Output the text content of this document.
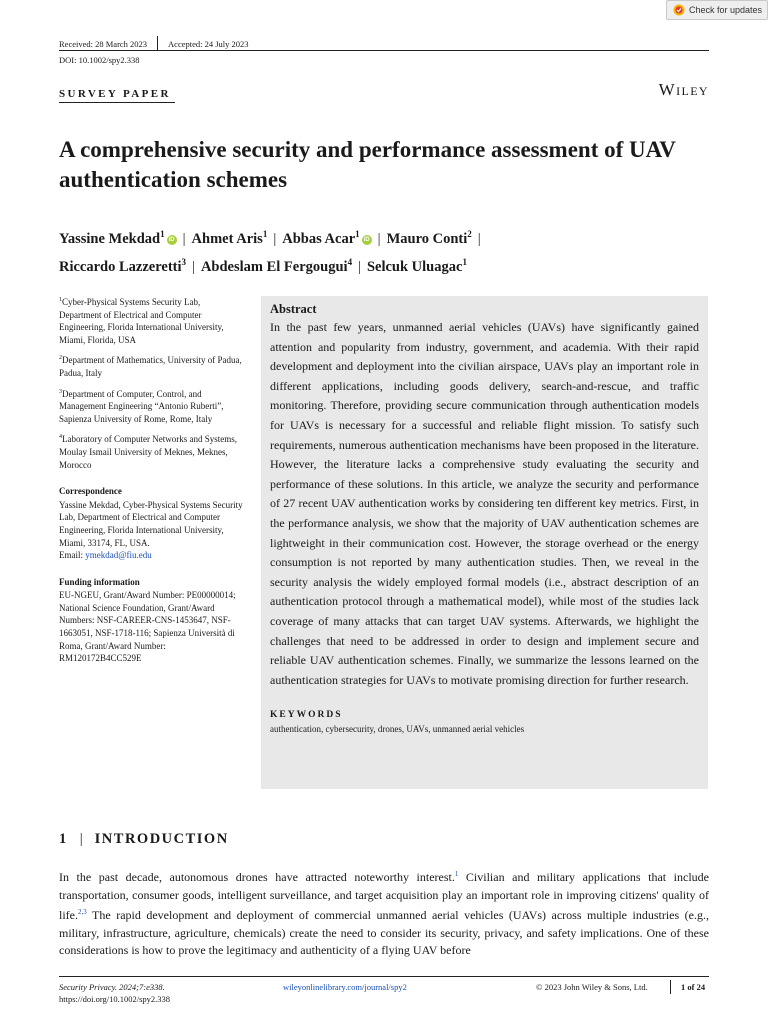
Check for updates
Received: 28 March 2023 Accepted: 24 July 2023
DOI: 10.1002/spy2.338
SURVEY PAPER	Wiley
A comprehensive security and performance assessment of UAV authentication schemes
Yassine Mekdad$^1$iD | Ahmet Aris$^1$ | Abbas Acar$^1$iD | Mauro Conti$^2$ |
Riccardo Lazzeretti$^3$ | Abdeslam El Fergougui$^4$ | Selcuk Uluagac$^1$

$^1$Cyber-Physical Systems Security Lab, Department of Electrical and Computer Engineering, Florida International University, Miami, Florida, USA

$^2$Department of Mathematics, University of Padua, Padua, Italy

$^3$Department of Computer, Control, and Management Engineering “Antonio Ruberti”, Sapienza University of Rome, Rome, Italy

$^4$Laboratory of Computer Networks and Systems, Moulay Ismail University of Meknes, Meknes, Morocco

Correspondence

Yassine Mekdad, Cyber-Physical Systems Security Lab, Department of Electrical and Computer Engineering, Florida International University, Miami, 33174, FL, USA.
Email: ymekdad@fiu.edu

Funding information

EU-NGEU, Grant/Award Number: PE00000014; National Science Foundation, Grant/Award Numbers: NSF-CAREER-CNS-1453647, NSF-1663051, NSF-1718-116; Sapienza Università di Roma, Grant/Award Number: RM120172B4CC529E

Abstract

In the past few years, unmanned aerial vehicles (UAVs) have significantly gained attention and popularity from industry, government, and academia. With their rapid development and deployment into the civilian airspace, UAVs play an important role in different applications, including goods delivery, search-and-rescue, and traffic monitoring. Therefore, providing secure communication through authentication models for UAVs is necessary for a successful and reliable flight mission. To satisfy such requirements, numerous authentication mechanisms have been proposed in the literature. However, the literature lacks a comprehensive study evaluating the security and performance of these solutions. In this article, we analyze the security and performance of 27 recent UAV authentication works by considering ten different key metrics. First, in the performance analysis, we show that the majority of UAV authentication schemes are lightweight in their communication cost. However, the storage overhead or the energy consumption is not reported by many authentication studies. Then, we reveal in the security analysis the widely employed formal models (i.e., abstract description of an authentication protocol through a mathematical model), while most of the studies lack coverage of many attacks that can target UAV systems. Afterwards, we highlight the challenges that need to be addressed in order to design and implement secure and reliable UAV authentication schemes. Finally, we summarize the lessons learned on the authentication strategies for UAVs to motivate promising direction for further research.

KEYWORDS
authentication, cybersecurity, drones, UAVs, unmanned aerial vehicles
1 | INTRODUCTION
In the past decade, autonomous drones have attracted noteworthy interest.$^1$ Civilian and military applications that include transportation, consumer goods, intelligent surveillance, and target acquisition play an important role in improving citizens' quality of life.$^{2,3}$ The rapid development and deployment of commercial unmanned aerial vehicles (UAVs) across multiple industries (e.g., military, infrastructure, agriculture, chemicals) create the need to consider its security, privacy, and safety implications. One of these considerations is how to prove the legitimacy and authenticity of a flying UAV before
Security Privacy. 2024;7:e338.
https://doi.org/10.1002/spy2.338
wileyonlinelibrary.com/journal/spy2	© 2023 John Wiley & Sons, Ltd.	1 of 24
